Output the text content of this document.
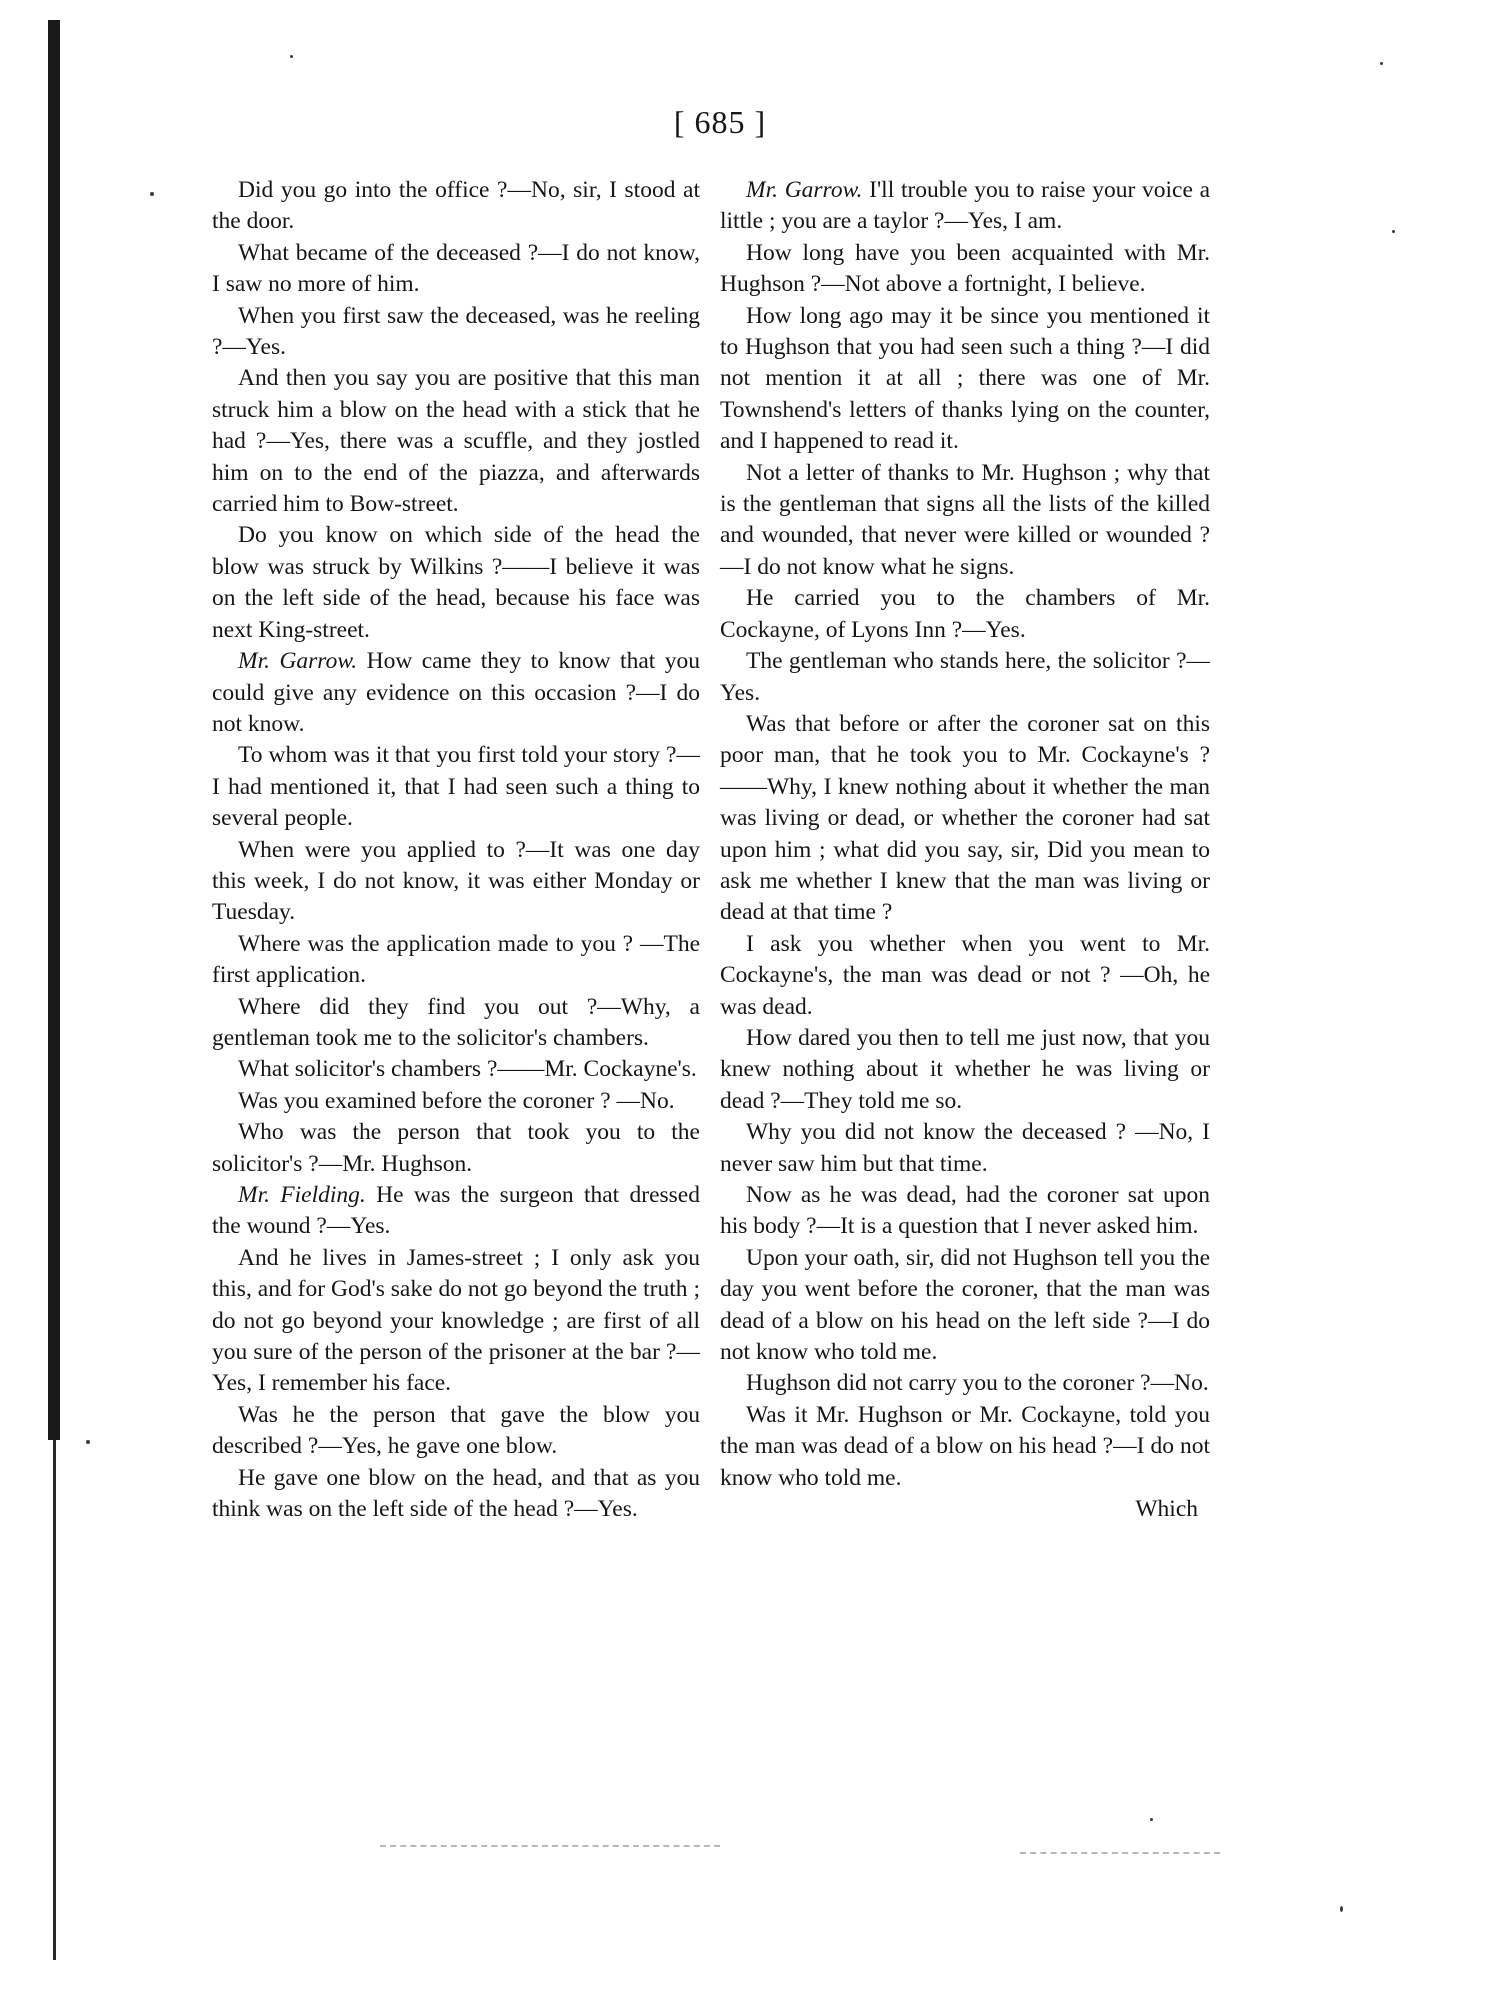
[ 685 ]

Did you go into the office ?—No, sir, I stood at the door.

What became of the deceased ?—I do not know, I saw no more of him.

When you first saw the deceased, was he reeling ?—Yes.

And then you say you are positive that this man struck him a blow on the head with a stick that he had ?—Yes, there was a scuffle, and they jostled him on to the end of the piazza, and afterwards carried him to Bow-street.

Do you know on which side of the head the blow was struck by Wilkins ?——I believe it was on the left side of the head, because his face was next King-street.

Mr. Garrow. How came they to know that you could give any evidence on this occasion ?—I do not know.

To whom was it that you first told your story ?—I had mentioned it, that I had seen such a thing to several people.

When were you applied to ?—It was one day this week, I do not know, it was either Monday or Tuesday.

Where was the application made to you ? —The first application.

Where did they find you out ?—Why, a gentleman took me to the solicitor's chambers.

What solicitor's chambers ?——Mr. Cockayne's.

Was you examined before the coroner ? —No.

Who was the person that took you to the solicitor's ?—Mr. Hughson.

Mr. Fielding. He was the surgeon that dressed the wound ?—Yes.

And he lives in James-street ; I only ask you this, and for God's sake do not go beyond the truth ; do not go beyond your knowledge ; are first of all you sure of the person of the prisoner at the bar ?—Yes, I remember his face.

Was he the person that gave the blow you described ?—Yes, he gave one blow.

He gave one blow on the head, and that as you think was on the left side of the head ?—Yes.

Mr. Garrow. I'll trouble you to raise your voice a little ; you are a taylor ?—Yes, I am.

How long have you been acquainted with Mr. Hughson ?—Not above a fortnight, I believe.

How long ago may it be since you mentioned it to Hughson that you had seen such a thing ?—I did not mention it at all ; there was one of Mr. Townshend's letters of thanks lying on the counter, and I happened to read it.

Not a letter of thanks to Mr. Hughson ; why that is the gentleman that signs all the lists of the killed and wounded, that never were killed or wounded ?—I do not know what he signs.

He carried you to the chambers of Mr. Cockayne, of Lyons Inn ?—Yes.

The gentleman who stands here, the solicitor ?—Yes.

Was that before or after the coroner sat on this poor man, that he took you to Mr. Cockayne's ?——Why, I knew nothing about it whether the man was living or dead, or whether the coroner had sat upon him ; what did you say, sir, Did you mean to ask me whether I knew that the man was living or dead at that time ?

I ask you whether when you went to Mr. Cockayne's, the man was dead or not ? —Oh, he was dead.

How dared you then to tell me just now, that you knew nothing about it whether he was living or dead ?—They told me so.

Why you did not know the deceased ? —No, I never saw him but that time.

Now as he was dead, had the coroner sat upon his body ?—It is a question that I never asked him.

Upon your oath, sir, did not Hughson tell you the day you went before the coroner, that the man was dead of a blow on his head on the left side ?—I do not know who told me.

Hughson did not carry you to the coroner ?—No.

Was it Mr. Hughson or Mr. Cockayne, told you the man was dead of a blow on his head ?—I do not know who told me.

Which
